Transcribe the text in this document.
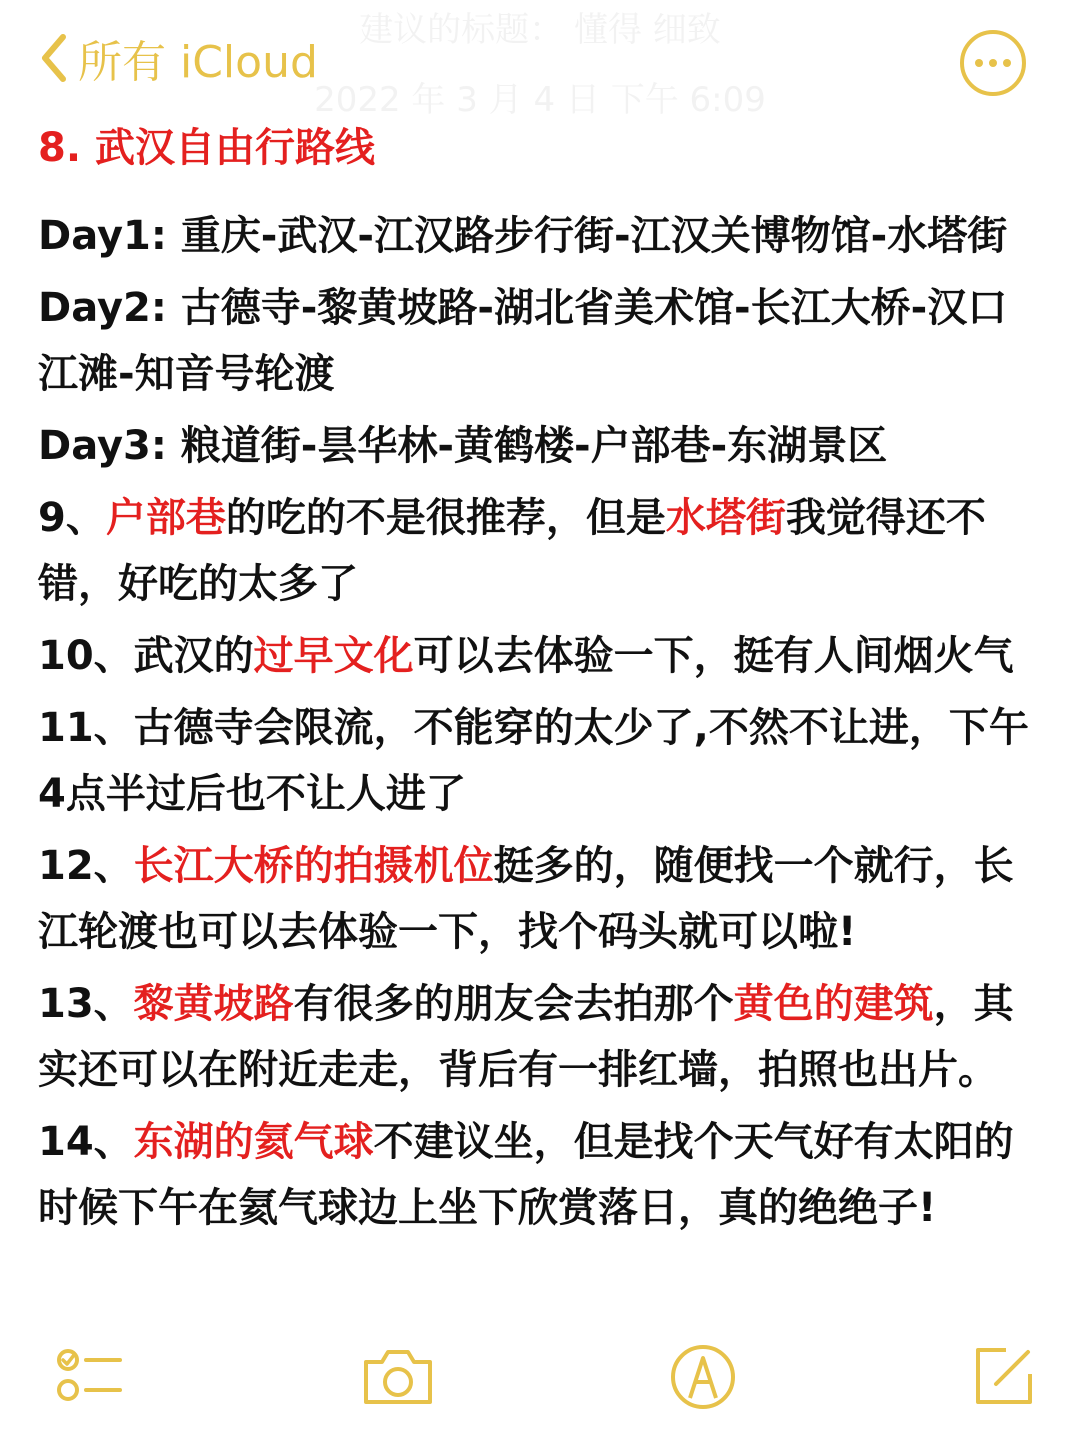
所有 iCloud
建议的标题： 懂得 细致
2022 年 3 月 4 日 下午 6:09
8. 武汉自由行路线
Day1: 重庆-武汉-江汉路步行街-江汉关博物馆-水塔街
Day2: 古德寺-黎黄坡路-湖北省美术馆-长江大桥-汉口江滩-知音号轮渡
Day3: 粮道街-昙华林-黄鹤楼-户部巷-东湖景区
9、户部巷的吃的不是很推荐，但是水塔街我觉得还不错，好吃的太多了
10、武汉的过早文化可以去体验一下，挺有人间烟火气
11、古德寺会限流，不能穿的太少了,不然不让进，下午4点半过后也不让人进了
12、长江大桥的拍摄机位挺多的，随便找一个就行，长江轮渡也可以去体验一下，找个码头就可以啦!
13、黎黄坡路有很多的朋友会去拍那个黄色的建筑，其实还可以在附近走走，背后有一排红墙，拍照也出片。
14、东湖的氦气球不建议坐，但是找个天气好有太阳的时候下午在氦气球边上坐下欣赏落日，真的绝绝子!
